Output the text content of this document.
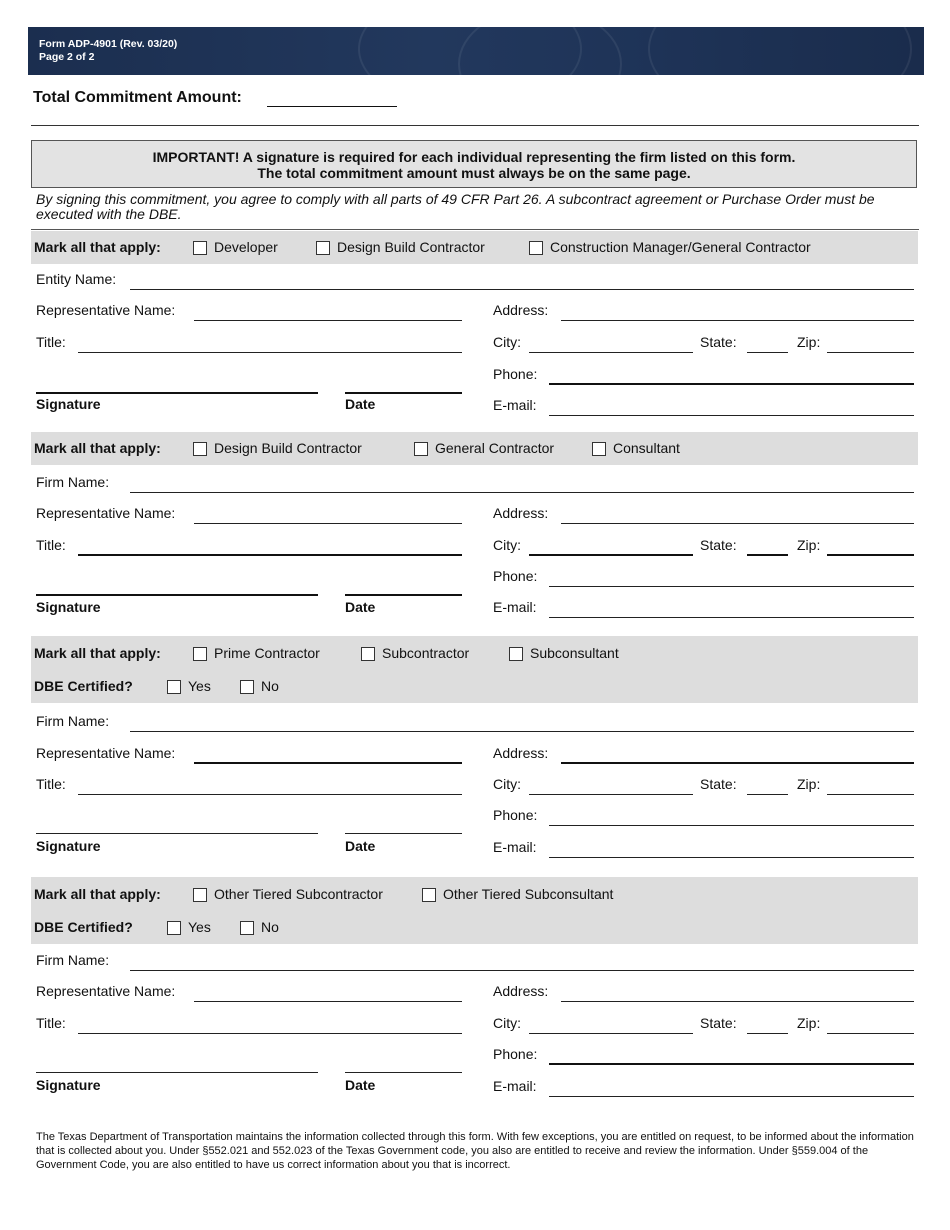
Form ADP-4901 (Rev. 03/20)
Page 2 of 2
Total Commitment Amount:
IMPORTANT! A signature is required for each individual representing the firm listed on this form.
The total commitment amount must always be on the same page.
By signing this commitment, you agree to comply with all parts of 49 CFR Part 26. A subcontract agreement or Purchase Order must be executed with the DBE.
Mark all that apply:	Developer	Design Build Contractor	Construction Manager/General Contractor
Entity Name:
Representative Name:	Address:
Title:	City:	State:	Zip:
Phone:
Signature	Date	E-mail:
Mark all that apply:	Design Build Contractor	General Contractor	Consultant
Firm Name:
Representative Name:	Address:
Title:	City:	State:	Zip:
Phone:
Signature	Date	E-mail:
Mark all that apply:	Prime Contractor	Subcontractor	Subconsultant
DBE Certified?	Yes	No
Firm Name:
Representative Name:	Address:
Title:	City:	State:	Zip:
Phone:
Signature	Date	E-mail:
Mark all that apply:	Other Tiered Subcontractor	Other Tiered Subconsultant
DBE Certified?	Yes	No
Firm Name:
Representative Name:	Address:
Title:	City:	State:	Zip:
Phone:
Signature	Date	E-mail:
The Texas Department of Transportation maintains the information collected through this form. With few exceptions, you are entitled on request, to be informed about the information that is collected about you. Under §552.021 and 552.023 of the Texas Government code, you also are entitled to receive and review the information. Under §559.004 of the Government Code, you are also entitled to have us correct information about you that is incorrect.
